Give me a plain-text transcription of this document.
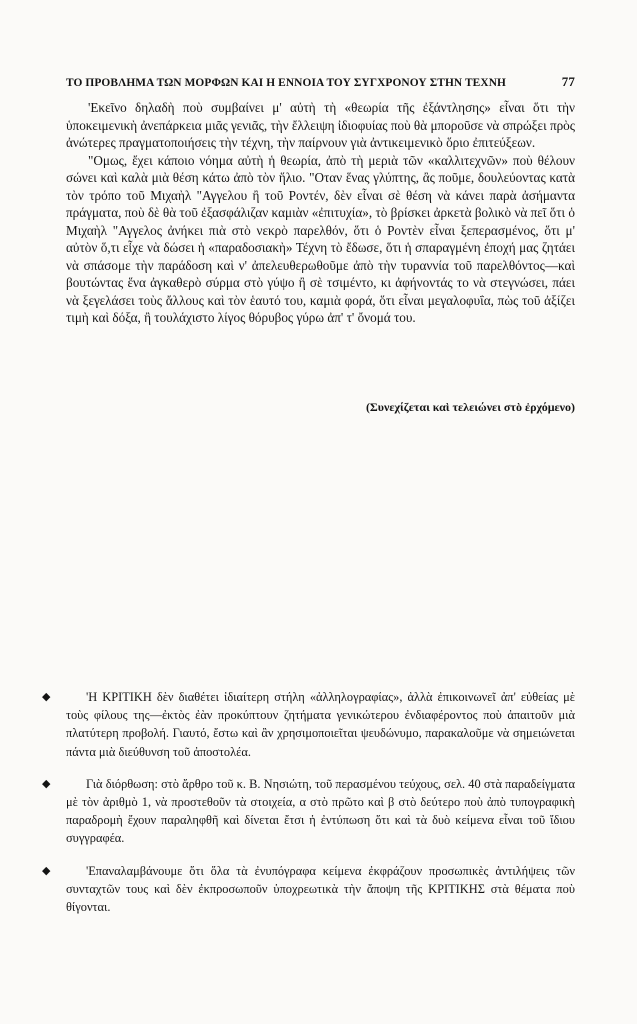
ΤΟ ΠΡΟΒΛΗΜΑ ΤΩΝ ΜΟΡΦΩΝ ΚΑΙ Η ΕΝΝΟΙΑ ΤΟΥ ΣΥΓΧΡΟΝΟΥ ΣΤΗΝ ΤΕΧΝΗ	77

'Εκεῖνο δηλαδὴ ποὺ συμβαίνει μ' αὐτὴ τὴ «θεωρία τῆς ἐξάντλησης» εἶναι ὅτι τὴν ὑποκειμενικὴ ἀνεπάρκεια μιᾶς γενιᾶς, τὴν ἔλλειψη ἰδιοφυίας ποὺ θὰ μποροῦσε νὰ σπρώξει πρὸς ἀνώτερες πραγματοποιήσεις τὴν τέχνη, τὴν παίρνουν γιὰ ἀντικειμενικὸ ὅριο ἐπιτεύξεων.

"Ομως, ἔχει κάποιο νόημα αὐτὴ ἡ θεωρία, ἀπὸ τὴ μεριὰ τῶν «καλλιτεχνῶν» ποὺ θέλουν σώνει καὶ καλὰ μιὰ θέση κάτω ἀπὸ τὸν ἥλιο. "Οταν ἕνας γλύπτης, ἂς ποῦμε, δουλεύοντας κατὰ τὸν τρόπο τοῦ Μιχαὴλ "Αγγελου ἢ τοῦ Ροντέν, δὲν εἶναι σὲ θέση νὰ κάνει παρὰ ἀσήμαντα πράγματα, ποὺ δὲ θὰ τοῦ ἐξασφάλιζαν καμιὰν «ἐπιτυχία», τὸ βρίσκει ἀρκετὰ βολικὸ νὰ πεῖ ὅτι ὁ Μιχαὴλ "Αγγελος ἀνήκει πιὰ στὸ νεκρὸ παρελθόν, ὅτι ὁ Ροντὲν εἶναι ξεπερασμένος, ὅτι μ' αὐτὸν ὅ,τι εἶχε νὰ δώσει ἡ «παραδοσιακὴ» Τέχνη τὸ ἔδωσε, ὅτι ἡ σπαραγμένη ἐποχή μας ζητάει νὰ σπάσομε τὴν παράδοση καὶ ν' ἀπελευθερωθοῦμε ἀπὸ τὴν τυραννία τοῦ παρελθόντος—καὶ βουτώντας ἕνα ἀγκαθερὸ σύρμα στὸ γύψο ἢ σὲ τσιμέντο, κι ἀφήνοντάς το νὰ στεγνώσει, πάει νὰ ξεγελάσει τοὺς ἄλλους καὶ τὸν ἑαυτό του, καμιὰ φορά, ὅτι εἶναι μεγαλοφυΐα, πὼς τοῦ ἀξίζει τιμὴ καὶ δόξα, ἢ τουλάχιστο λίγος θόρυβος γύρω ἀπ' τ' ὄνομά του.

(Συνεχίζεται καὶ τελειώνει στὸ ἐρχόμενο)
◆	'Η ΚΡΙΤΙΚΗ δὲν διαθέτει ἰδιαίτερη στήλη «ἀλληλογραφίας», ἀλλὰ ἐπικοινωνεῖ ἀπ' εὐθείας μὲ τοὺς φίλους της—ἐκτὸς ἐὰν προκύπτουν ζητήματα γενικώτερου ἐνδιαφέροντος ποὺ ἀπαιτοῦν μιὰ πλατύτερη προβολή. Γιαυτό, ἔστω καὶ ἂν χρησιμοποιεῖται ψευδώνυμο, παρακαλοῦμε νὰ σημειώνεται πάντα μιὰ διεύθυνση τοῦ ἀποστολέα.
◆	Γιὰ διόρθωση: στὸ ἄρθρο τοῦ κ. Β. Νησιώτη, τοῦ περασμένου τεύχους, σελ. 40 στὰ παραδείγματα μὲ τὸν ἀριθμὸ 1, νὰ προστεθοῦν τὰ στοιχεία, α στὸ πρῶτο καὶ β στὸ δεύτερο ποὺ ἀπὸ τυπογραφικὴ παραδρομὴ ἔχουν παραληφθῆ καὶ δίνεται ἔτσι ἡ ἐντύπωση ὅτι καὶ τὰ δυὸ κείμενα εἶναι τοῦ ἴδιου συγγραφέα.
◆	'Επαναλαμβάνουμε ὅτι ὅλα τὰ ἐνυπόγραφα κείμενα ἐκφράζουν προσωπικὲς ἀντιλήψεις τῶν συνταχτῶν τους καὶ δὲν ἐκπροσωποῦν ὑποχρεωτικὰ τὴν ἄποψη τῆς ΚΡΙΤΙΚΗΣ στὰ θέματα ποὺ θίγονται.
